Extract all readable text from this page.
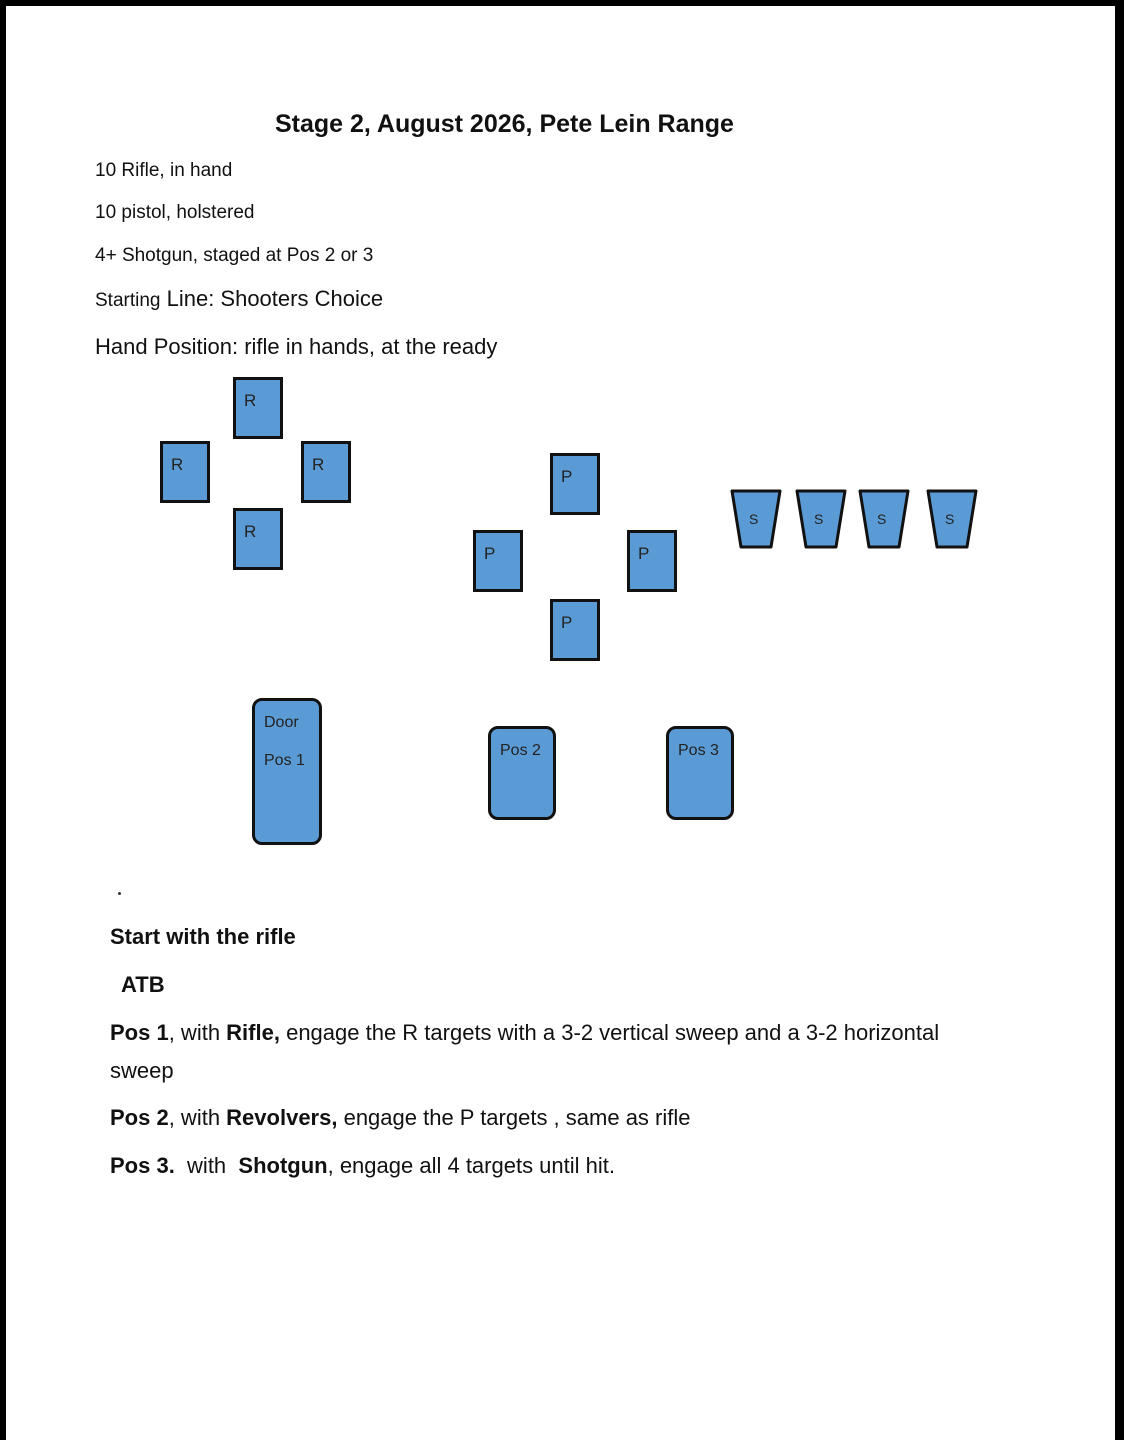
Stage 2, August 2026, Pete Lein Range
10 Rifle, in hand
10 pistol, holstered
4+ Shotgun, staged at Pos 2 or 3
Starting Line: Shooters Choice
Hand Position: rifle in hands, at the ready
R
R	R
R
P
P	P
P
S	S	S	S
Door
Pos 1
Pos 2	Pos 3
Start with the rifle
ATB
Pos 1, with Rifle, engage the R targets with a 3-2 vertical sweep and a 3-2 horizontal
sweep
Pos 2, with Revolvers, engage the P targets , same as rifle
Pos 3.  with  Shotgun, engage all 4 targets until hit.
